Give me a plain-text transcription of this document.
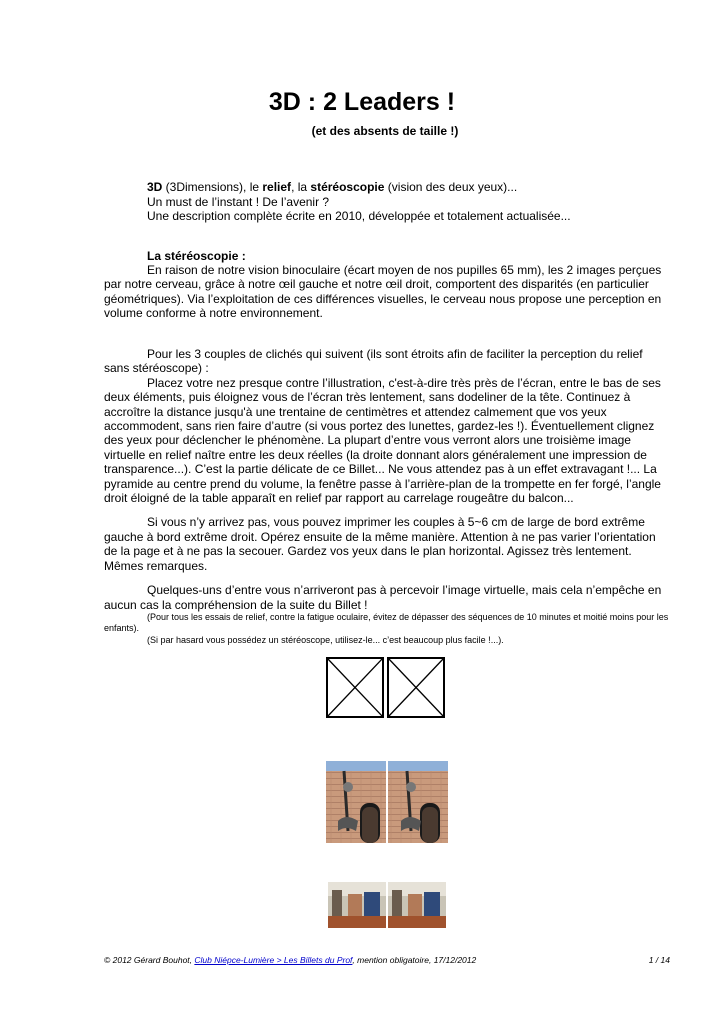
3D : 2 Leaders !
(et des absents de taille !)
3D (3Dimensions), le relief, la stéréoscopie (vision des deux yeux)...
Un must de l’instant ! De l’avenir ?
Une description complète écrite en 2010, développée et totalement actualisée...
La stéréoscopie :

En raison de notre vision binoculaire (écart moyen de nos pupilles 65 mm), les 2 images perçues par notre cerveau, grâce à notre œil gauche et notre œil droit, comportent des disparités (en particulier géométriques). Via l’exploitation de ces différences visuelles, le cerveau nous propose une perception en volume conforme à notre environnement.

Pour les 3 couples de clichés qui suivent (ils sont étroits afin de faciliter la perception du relief sans stéréoscope) :

Placez votre nez presque contre l’illustration, c'est-à-dire très près de l’écran, entre le bas de ses deux éléments, puis éloignez vous de l’écran très lentement, sans dodeliner de la tête. Continuez à accroître la distance jusqu'à une trentaine de centimètres et attendez calmement que vos yeux accommodent, sans rien faire d’autre (si vous portez des lunettes, gardez-les !). Éventuellement clignez des yeux pour déclencher le phénomène. La plupart d’entre vous verront alors une troisième image virtuelle en relief naître entre les deux réelles (la droite donnant alors généralement une impression de transparence...). C’est la partie délicate de ce Billet... Ne vous attendez pas à un effet extravagant !... La pyramide au centre prend du volume, la fenêtre passe à l’arrière-plan de la trompette en fer forgé, l’angle droit éloigné de la table apparaît en relief par rapport au carrelage rougeâtre du balcon...

Si vous n’y arrivez pas, vous pouvez imprimer les couples à 5~6 cm de large de bord extrême gauche à bord extrême droit. Opérez ensuite de la même manière. Attention à ne pas varier l’orientation de la page et à ne pas la secouer. Gardez vos yeux dans le plan horizontal. Agissez très lentement. Mêmes remarques.

Quelques-uns d’entre vous n’arriveront pas à percevoir l’image virtuelle, mais cela n’empêche en aucun cas la compréhension de la suite du Billet !

(Pour tous les essais de relief, contre la fatigue oculaire, évitez de dépasser des séquences de 10 minutes et moitié moins pour les enfants).

(Si par hasard vous possédez un stéréoscope, utilisez-le... c’est beaucoup plus facile !...).

© 2012 Gérard Bouhot, Club Niépce-Lumière > Les Billets du Prof, mention obligatoire, 17/12/2012	1 / 14
